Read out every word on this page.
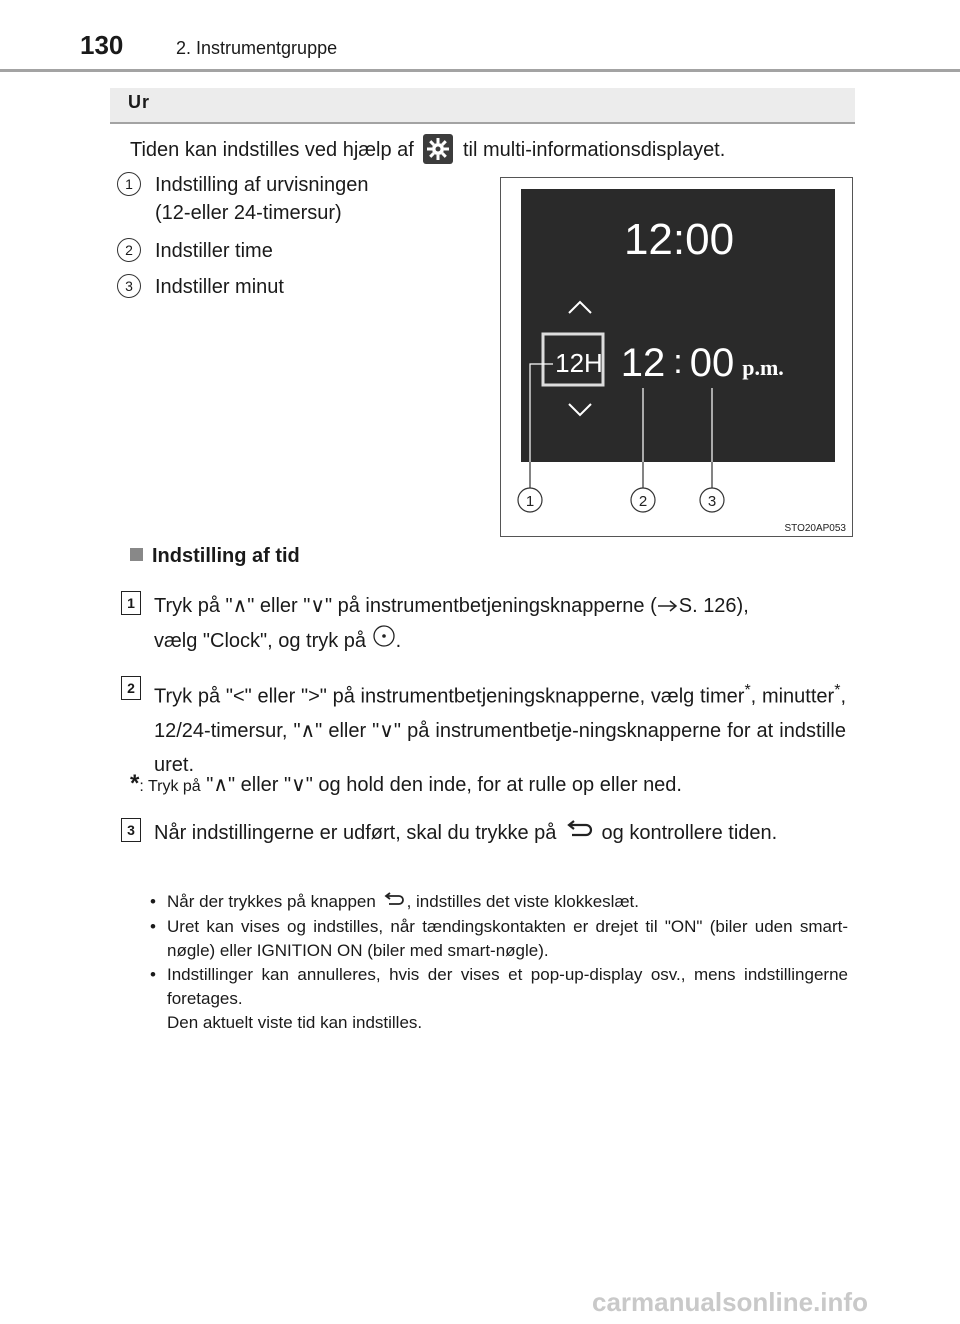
130	2. Instrumentgruppe
Ur
Tiden kan indstilles ved hjælp af til multi-informationsdisplayet.
1	Indstilling af urvisningen
(12-eller 24-timersur)
2	Indstiller time
3	Indstiller minut
12:00
12H 12 : 00 p.m.
1	2	3
STO20AP053
Indstilling af tid
1 Tryk på "∧" eller "∨" på instrumentbetjeningsknapperne ( S. 126),
vælg "Clock", og tryk på .
2 Tryk på "<" eller ">" på instrumentbetjeningsknapperne, vælg timer*, minutter*, 12/24-timersur, "∧" eller "∨" på instrumentbetje-ningsknapperne for at indstille uret.
*: Tryk på "∧" eller "∨" og hold den inde, for at rulle op eller ned.
3 Når indstillingerne er udført, skal du trykke på og kontrollere tiden.
• Når der trykkes på knappen , indstilles det viste klokkeslæt.
• Uret kan vises og indstilles, når tændingskontakten er drejet til "ON" (biler uden smart-nøgle) eller IGNITION ON (biler med smart-nøgle).
• Indstillinger kan annulleres, hvis der vises et pop-up-display osv., mens indstillingerne foretages.
Den aktuelt viste tid kan indstilles.
carmanualsonline.info
